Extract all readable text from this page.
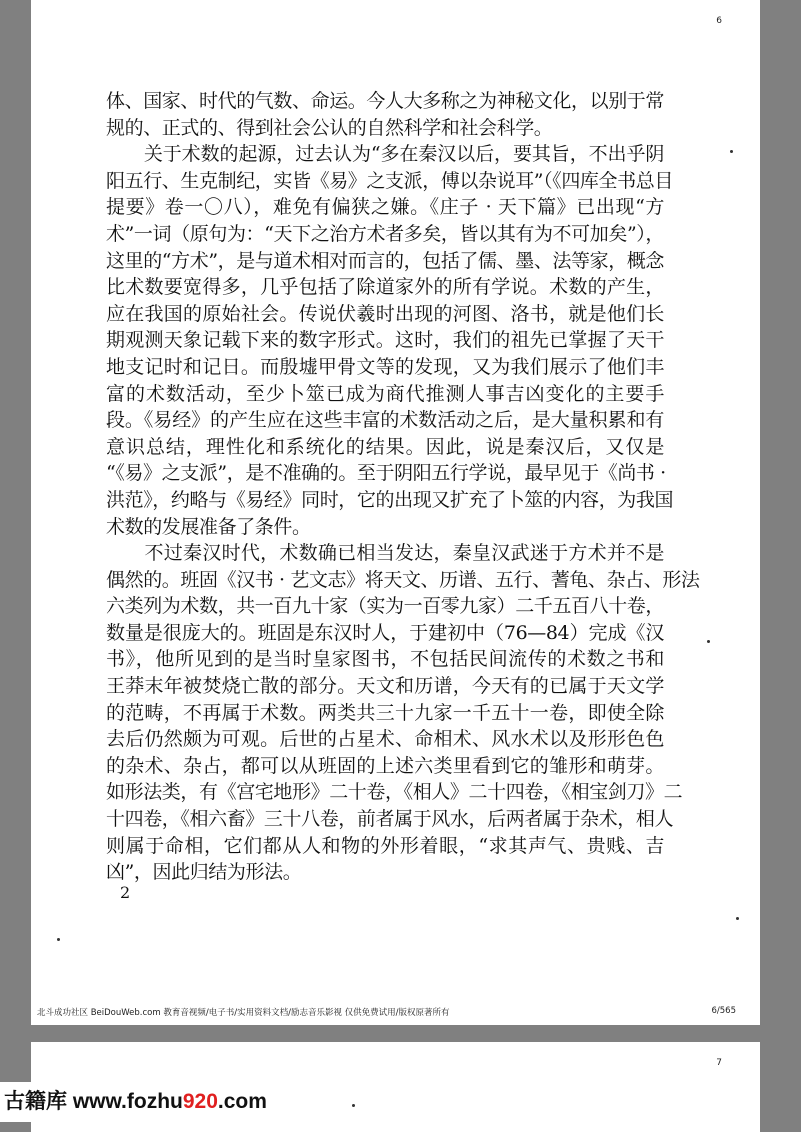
6
体、国家、时代的气数、命运。今人大多称之为神秘文化，以别于常
规的、正式的、得到社会公认的自然科学和社会科学。
　　关于术数的起源，过去认为“多在秦汉以后，要其旨，不出乎阴
阳五行、生克制纪，实皆《易》之支派，傅以杂说耳”（《四库全书总目
提要》卷一〇八），难免有偏狭之嫌。《庄子 · 天下篇》已出现“方
术”一词（原句为：“天下之治方术者多矣，皆以其有为不可加矣”），
这里的“方术”，是与道术相对而言的，包括了儒、墨、法等家，概念
比术数要宽得多，几乎包括了除道家外的所有学说。术数的产生，
应在我国的原始社会。传说伏羲时出现的河图、洛书，就是他们长
期观测天象记载下来的数字形式。这时，我们的祖先已掌握了天干
地支记时和记日。而殷墟甲骨文等的发现，又为我们展示了他们丰
富的术数活动，至少卜筮已成为商代推测人事吉凶变化的主要手
段。《易经》的产生应在这些丰富的术数活动之后，是大量积累和有
意识总结，理性化和系统化的结果。因此，说是秦汉后，又仅是
“《易》之支派”，是不准确的。至于阴阳五行学说，最早见于《尚书 ·
洪范》，约略与《易经》同时，它的出现又扩充了卜筮的内容，为我国
术数的发展准备了条件。
　　不过秦汉时代，术数确已相当发达，秦皇汉武迷于方术并不是
偶然的。班固《汉书 · 艺文志》将天文、历谱、五行、蓍龟、杂占、形法
六类列为术数，共一百九十家（实为一百零九家）二千五百八十卷，
数量是很庞大的。班固是东汉时人，于建初中（76—84）完成《汉
书》，他所见到的是当时皇家图书，不包括民间流传的术数之书和
王莽末年被焚烧亡散的部分。天文和历谱，今天有的已属于天文学
的范畴，不再属于术数。两类共三十九家一千五十一卷，即使全除
去后仍然颇为可观。后世的占星术、命相术、风水术以及形形色色
的杂术、杂占，都可以从班固的上述六类里看到它的雏形和萌芽。
如形法类，有《宫宅地形》二十卷，《相人》二十四卷，《相宝剑刀》二
十四卷，《相六畜》三十八卷，前者属于风水，后两者属于杂术，相人
则属于命相，它们都从人和物的外形着眼，“求其声气、贵贱、吉
凶”，因此归结为形法。
2
北斗成功社区 BeiDouWeb.com 教育音视频/电子书/实用资料文档/励志音乐影视 仅供免费试用/版权原著所有	6/565
7
古籍库 www.fozhu920.com
